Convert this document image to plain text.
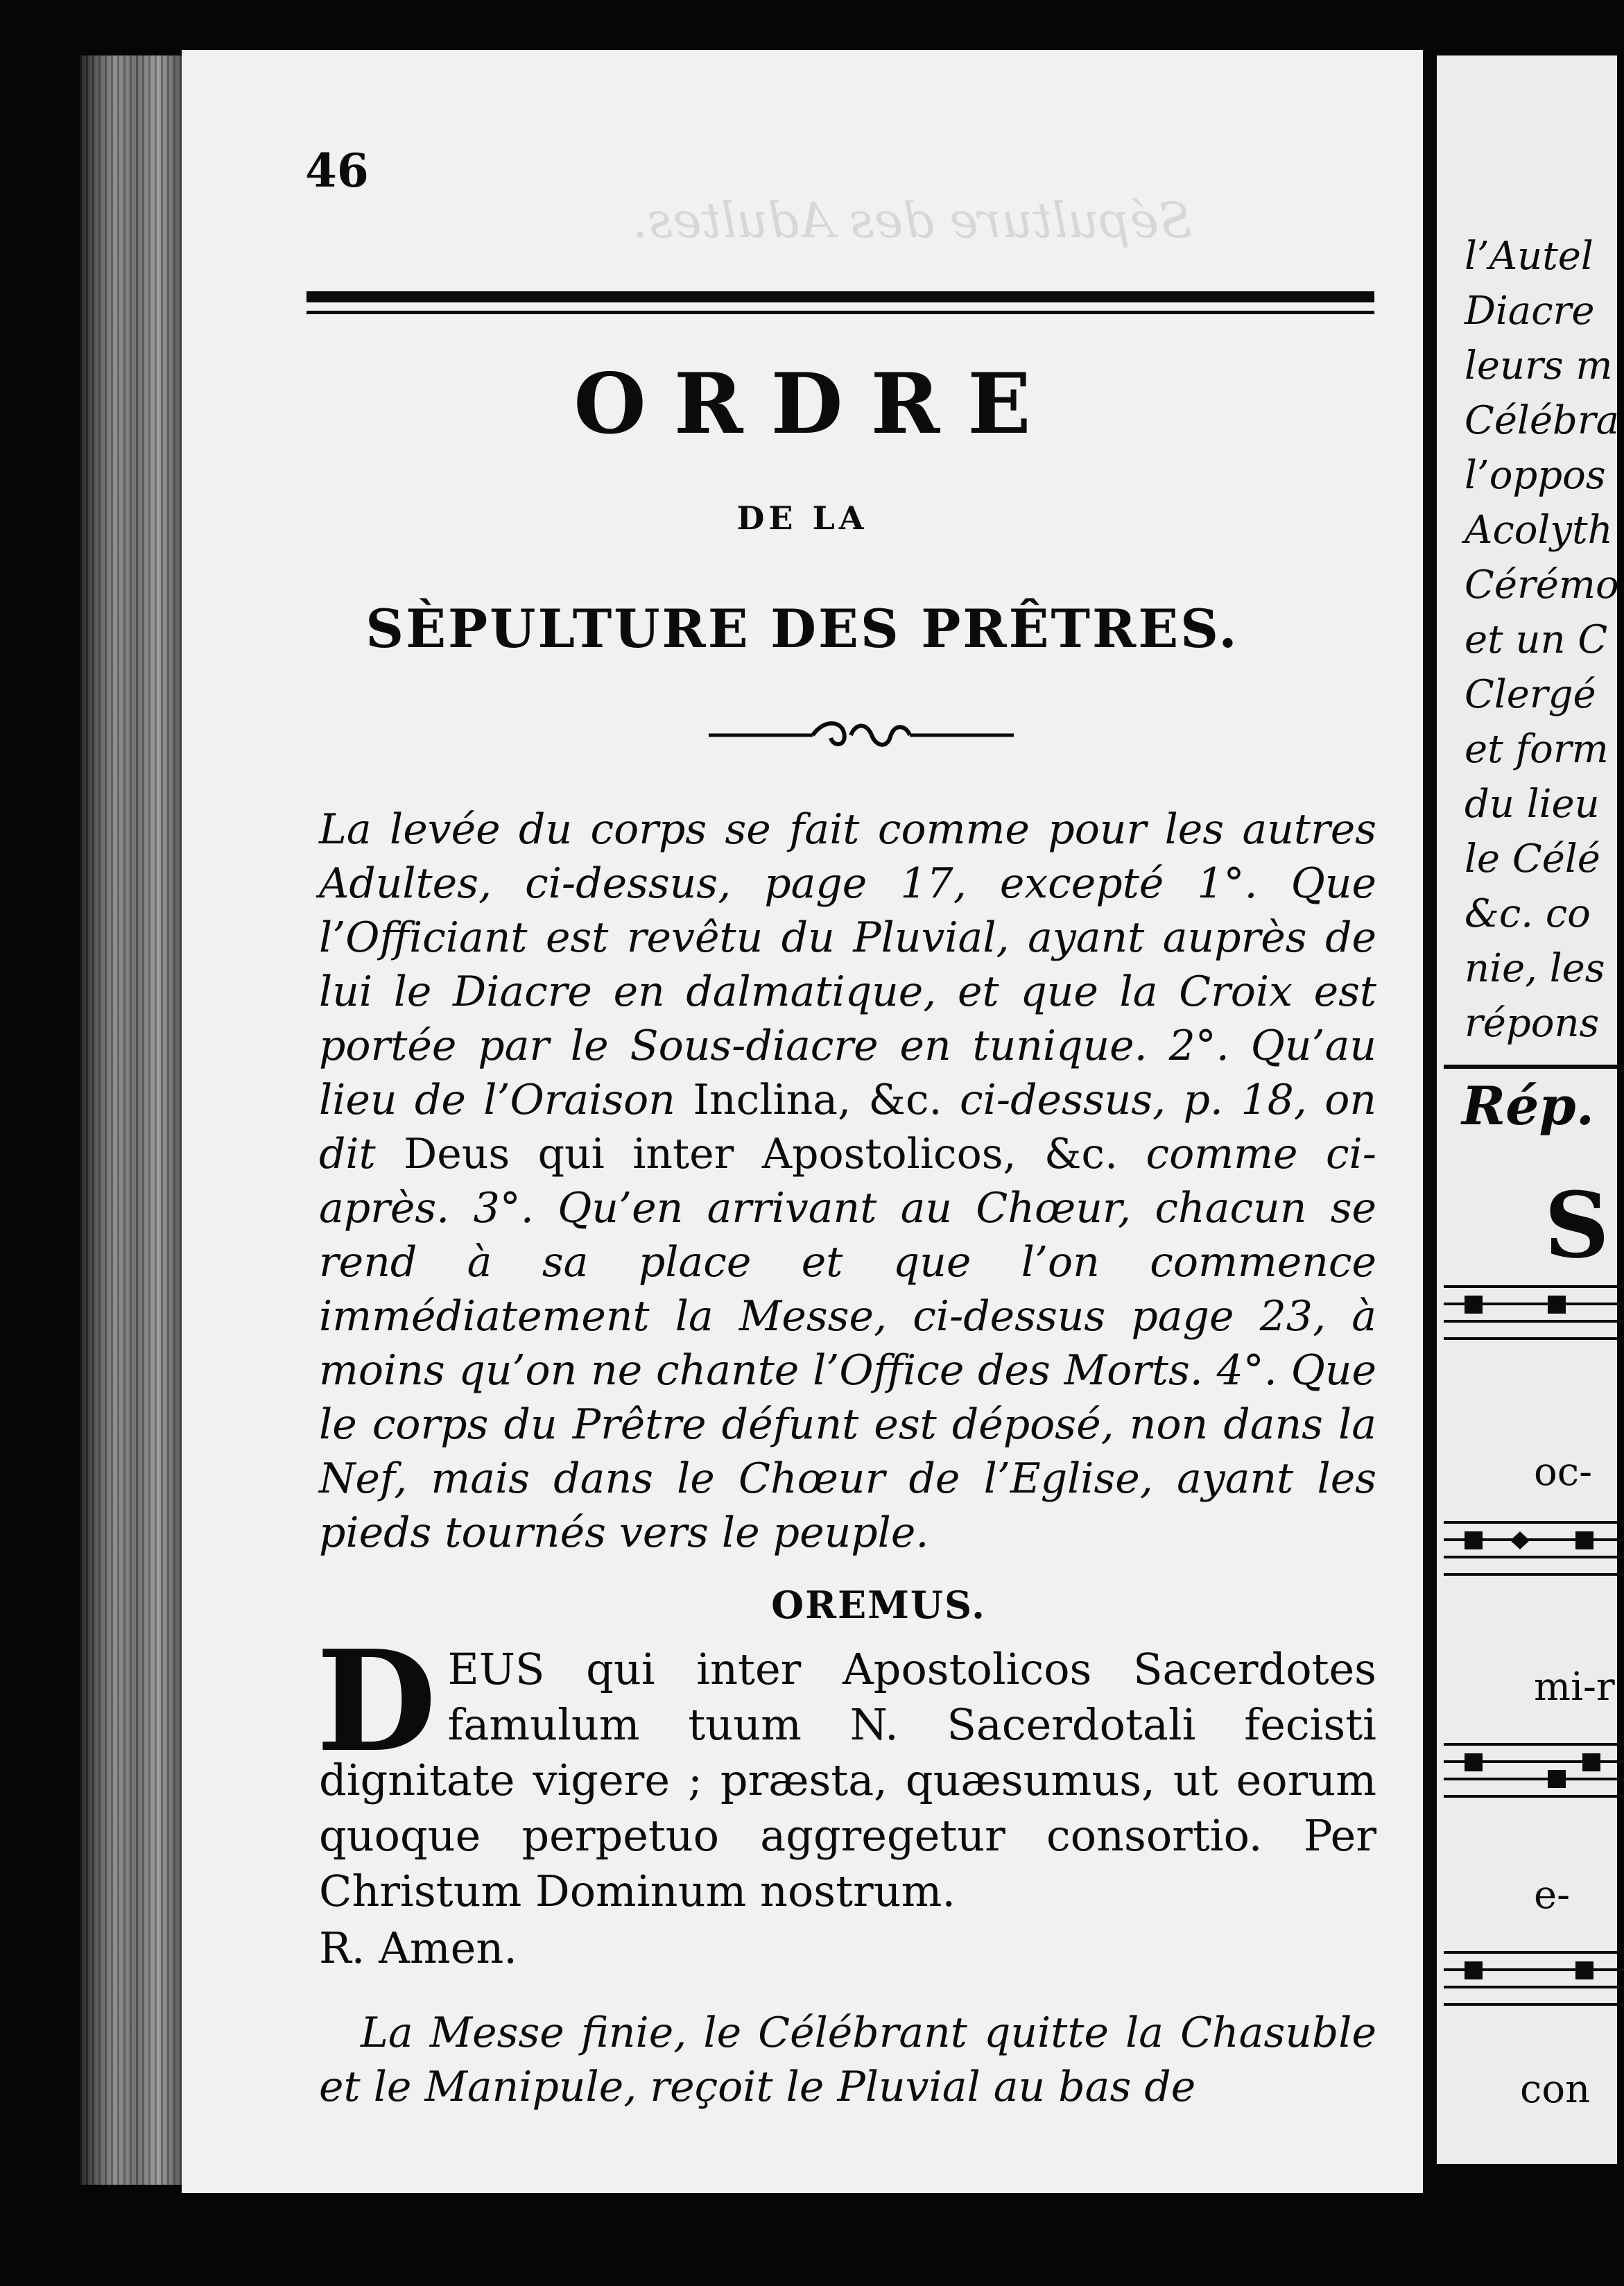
Sépulture des Adultes.
46
ORDRE
DE LA
SÈPULTURE DES PRÊTRES.
La levée du corps se fait comme pour les autres Adultes, ci-dessus, page 17, excepté 1°. Que l’Officiant est revêtu du Pluvial, ayant auprès de lui le Diacre en dalmatique, et que la Croix est portée par le Sous-diacre en tunique. 2°. Qu’au lieu de l’Oraison Inclina, &c. ci-dessus, p. 18, on dit Deus qui inter Apostolicos, &c. comme ci-après. 3°. Qu’en arrivant au Chœur, chacun se rend à sa place et que l’on commence immédiatement la Messe, ci-dessus page 23, à moins qu’on ne chante l’Office des Morts. 4°. Que le corps du Prêtre défunt est déposé, non dans la Nef, mais dans le Chœur de l’Eglise, ayant les pieds tournés vers le peuple.
OREMUS.
DEUS qui inter Apostolicos Sacerdotes famulum tuum N. Sacerdotali fecisti dignitate vigere ; præsta, quæsumus, ut eorum quoque perpetuo aggregetur consortio. Per Christum Dominum nostrum.
R. Amen.
La Messe finie, le Célébrant quitte la Chasuble et le Manipule, reçoit le Pluvial au bas de
l’Autel
Diacre
leurs m
Célébra
l’oppos
Acolyth
Cérémo
et un C
Clergé
et form
du lieu
le Célé
&c. co
nie, les
répons
Rép.
S
oc-
mi-r
e-
con
